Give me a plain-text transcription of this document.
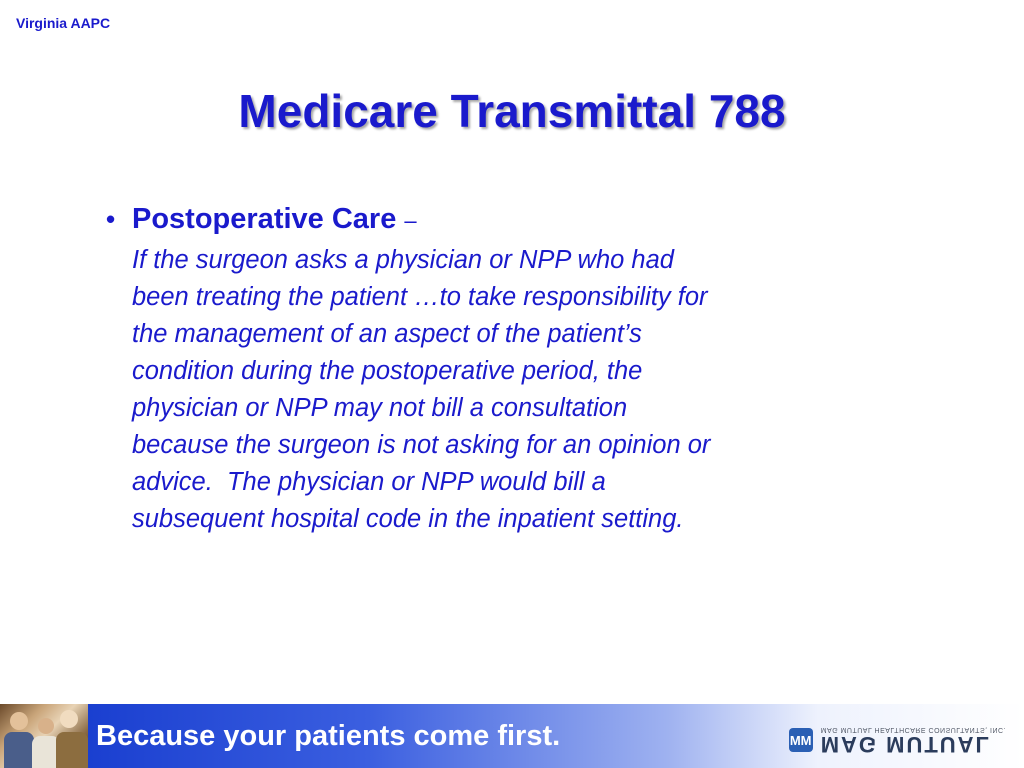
Virginia AAPC
Medicare Transmittal 788
• Postoperative Care –
If the surgeon asks a physician or NPP who had
been treating the patient …to take responsibility for
the management of an aspect of the patient’s
condition during the postoperative period, the
physician or NPP may not bill a consultation
because the surgeon is not asking for an opinion or
advice.  The physician or NPP would bill a
subsequent hospital code in the inpatient setting.
Because your patients come first.	MM MAG MUTUAL
MAG MUTUAL HEALTHCARE CONSULTANTS, INC.
